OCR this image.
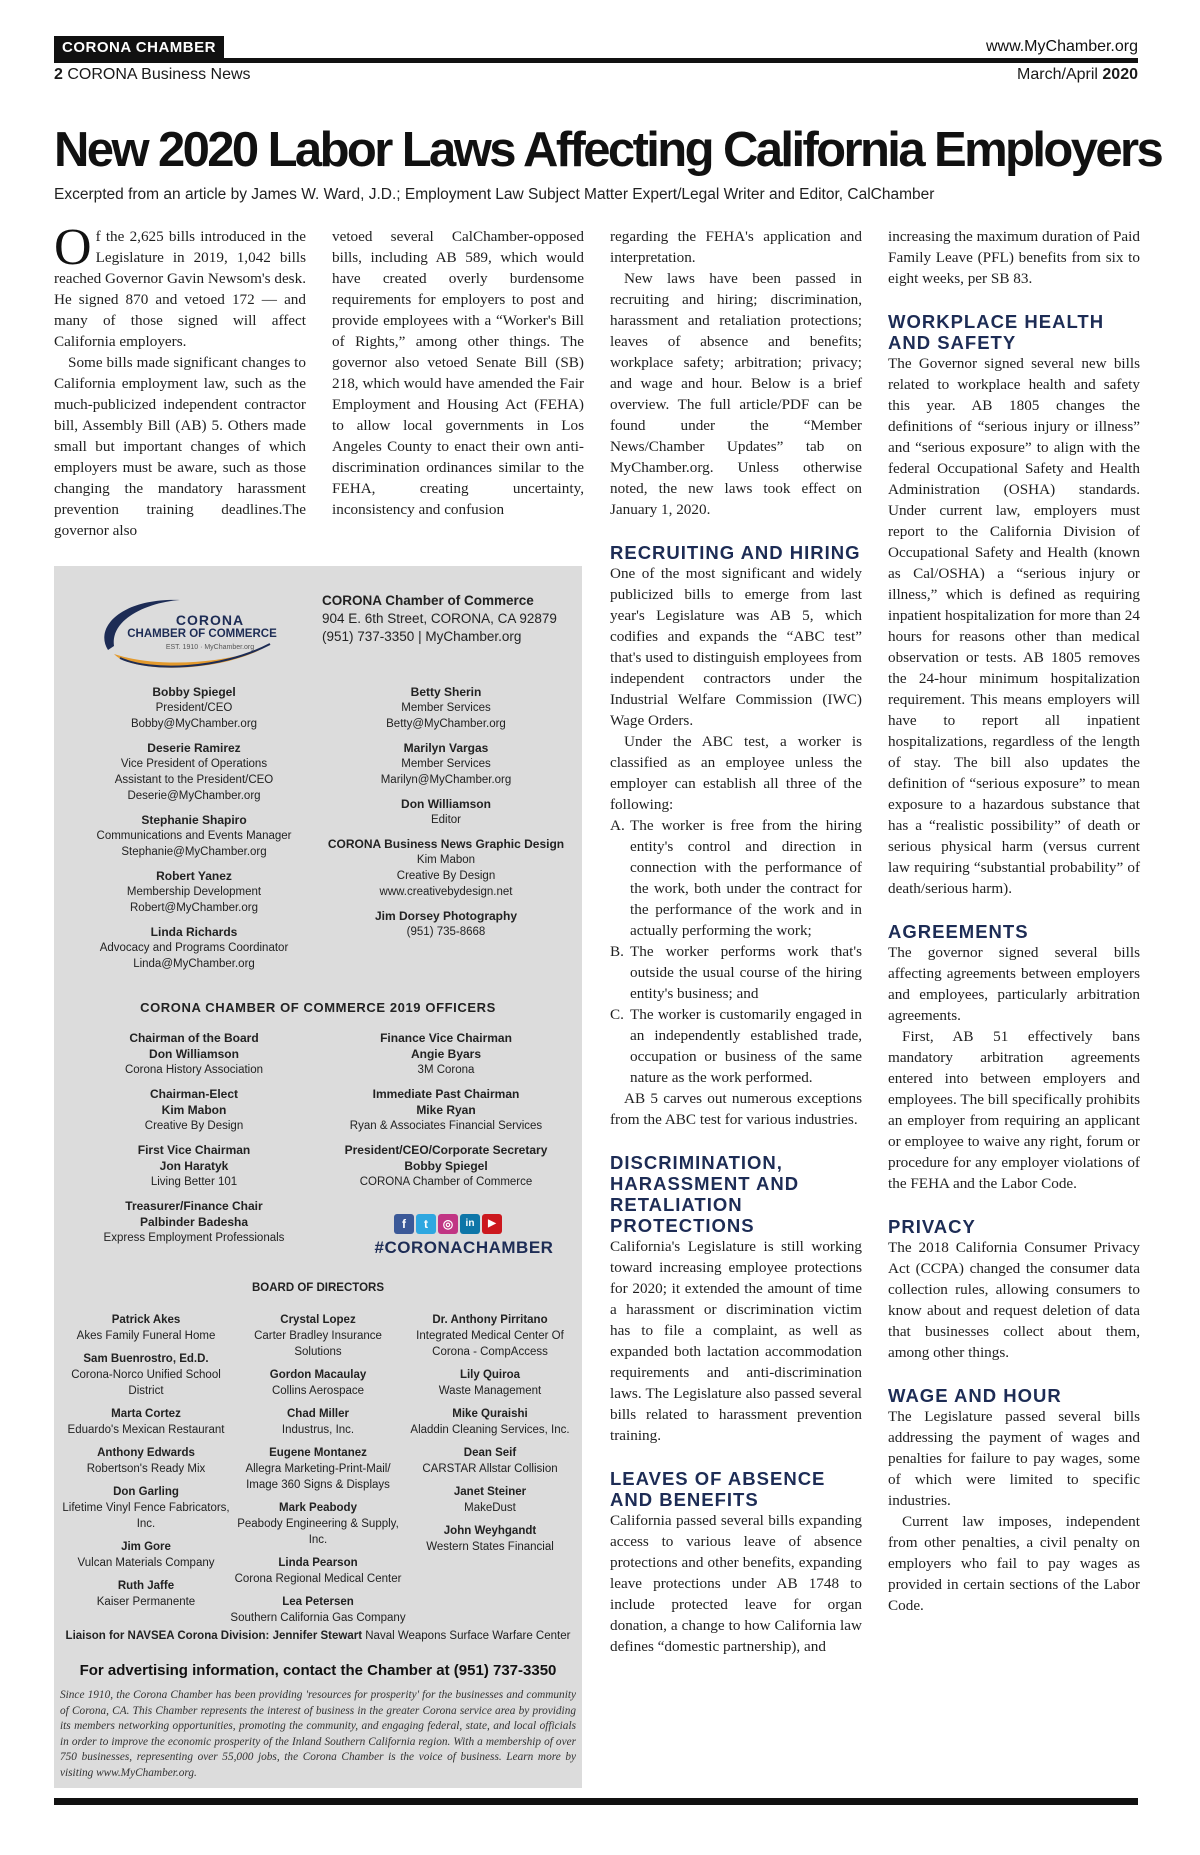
CORONA CHAMBER	www.MyChamber.org
2 CORONA Business News	March/April 2020
New 2020 Labor Laws Affecting California Employers
Excerpted from an article by James W. Ward, J.D.; Employment Law Subject Matter Expert/Legal Writer and Editor, CalChamber

Of the 2,625 bills introduced in the Legislature in 2019, 1,042 bills reached Governor Gavin Newsom's desk. He signed 870 and vetoed 172 — and many of those signed will affect California employers.

Some bills made significant changes to California employment law, such as the much-publicized independent contractor bill, Assembly Bill (AB) 5. Others made small but important changes of which employers must be aware, such as those changing the mandatory harassment prevention training deadlines.The governor also

vetoed several CalChamber-opposed bills, including AB 589, which would have created overly burdensome requirements for employers to post and provide employees with a “Worker's Bill of Rights,” among other things. The governor also vetoed Senate Bill (SB) 218, which would have amended the Fair Employment and Housing Act (FEHA) to allow local governments in Los Angeles County to enact their own anti-discrimination ordinances similar to the FEHA, creating uncertainty, inconsistency and confusion

regarding the FEHA's application and interpretation.

New laws have been passed in recruiting and hiring; discrimination, harassment and retaliation protections; leaves of absence and benefits; workplace safety; arbitration; privacy; and wage and hour. Below is a brief overview. The full article/PDF can be found under the “Member News/Chamber Updates” tab on MyChamber.org. Unless otherwise noted, the new laws took effect on January 1, 2020.

RECRUITING AND HIRING

One of the most significant and widely publicized bills to emerge from last year's Legislature was AB 5, which codifies and expands the “ABC test” that's used to distinguish employees from independent contractors under the Industrial Welfare Commission (IWC) Wage Orders.

Under the ABC test, a worker is classified as an employee unless the employer can establish all three of the following:

A. The worker is free from the hiring entity's control and direction in connection with the performance of the work, both under the contract for the performance of the work and in actually performing the work;
B. The worker performs work that's outside the usual course of the hiring entity's business; and
C. The worker is customarily engaged in an independently established trade, occupation or business of the same nature as the work performed.

AB 5 carves out numerous exceptions from the ABC test for various industries.

DISCRIMINATION, HARASSMENT AND RETALIATION PROTECTIONS

California's Legislature is still working toward increasing employee protections for 2020; it extended the amount of time a harassment or discrimination victim has to file a complaint, as well as expanded both lactation accommodation requirements and anti-discrimination laws. The Legislature also passed several bills related to harassment prevention training.

LEAVES OF ABSENCE AND BENEFITS

California passed several bills expanding access to various leave of absence protections and other benefits, expanding leave protections under AB 1748 to include protected leave for organ donation, a change to how California law defines “domestic partnership), and

increasing the maximum duration of Paid Family Leave (PFL) benefits from six to eight weeks, per SB 83.

WORKPLACE HEALTH AND SAFETY

The Governor signed several new bills related to workplace health and safety this year. AB 1805 changes the definitions of “serious injury or illness” and “serious exposure” to align with the federal Occupational Safety and Health Administration (OSHA) standards. Under current law, employers must report to the California Division of Occupational Safety and Health (known as Cal/OSHA) a “serious injury or illness,” which is defined as requiring inpatient hospitalization for more than 24 hours for reasons other than medical observation or tests. AB 1805 removes the 24-hour minimum hospitalization requirement. This means employers will have to report all inpatient hospitalizations, regardless of the length of stay. The bill also updates the definition of “serious exposure” to mean exposure to a hazardous substance that has a “realistic possibility” of death or serious physical harm (versus current law requiring “substantial probability” of death/serious harm).

AGREEMENTS

The governor signed several bills affecting agreements between employers and employees, particularly arbitration agreements.

First, AB 51 effectively bans mandatory arbitration agreements entered into between employers and employees. The bill specifically prohibits an employer from requiring an applicant or employee to waive any right, forum or procedure for any employer violations of the FEHA and the Labor Code.

PRIVACY

The 2018 California Consumer Privacy Act (CCPA) changed the consumer data collection rules, allowing consumers to know about and request deletion of data that businesses collect about them, among other things.

WAGE AND HOUR

The Legislature passed several bills addressing the payment of wages and penalties for failure to pay wages, some of which were limited to specific industries.

Current law imposes, independent from other penalties, a civil penalty on employers who fail to pay wages as provided in certain sections of the Labor Code.

CORONA
CHAMBER OF COMMERCE
EST. 1910 · MyChamber.org
CORONA Chamber of Commerce
904 E. 6th Street, CORONA, CA 92879
(951) 737-3350 | MyChamber.org
Bobby Spiegel
President/CEO
Bobby@MyChamber.org
Deserie Ramirez
Vice President of Operations
Assistant to the President/CEO
Deserie@MyChamber.org
Stephanie Shapiro
Communications and Events Manager
Stephanie@MyChamber.org
Robert Yanez
Membership Development
Robert@MyChamber.org
Linda Richards
Advocacy and Programs Coordinator
Linda@MyChamber.org
Betty Sherin
Member Services
Betty@MyChamber.org
Marilyn Vargas
Member Services
Marilyn@MyChamber.org
Don Williamson
Editor
CORONA Business News Graphic Design
Kim Mabon
Creative By Design
www.creativebydesign.net
Jim Dorsey Photography
(951) 735-8668
CORONA CHAMBER OF COMMERCE 2019 OFFICERS
Chairman of the Board
Don Williamson
Corona History Association
Chairman-Elect
Kim Mabon
Creative By Design
First Vice Chairman
Jon Haratyk
Living Better 101
Treasurer/Finance Chair
Palbinder Badesha
Express Employment Professionals
Finance Vice Chairman
Angie Byars
3M Corona
Immediate Past Chairman
Mike Ryan
Ryan & Associates Financial Services
President/CEO/Corporate Secretary
Bobby Spiegel
CORONA Chamber of Commerce
f	t	◎	in	▶
#CORONACHAMBER
BOARD OF DIRECTORS
Patrick Akes
Akes Family Funeral Home
Sam Buenrostro, Ed.D.
Corona-Norco Unified School District
Marta Cortez
Eduardo's Mexican Restaurant
Anthony Edwards
Robertson's Ready Mix
Don Garling
Lifetime Vinyl Fence Fabricators, Inc.
Jim Gore
Vulcan Materials Company
Ruth Jaffe
Kaiser Permanente
Crystal Lopez
Carter Bradley Insurance Solutions
Gordon Macaulay
Collins Aerospace
Chad Miller
Industrus, Inc.
Eugene Montanez
Allegra Marketing-Print-Mail/ Image 360 Signs & Displays
Mark Peabody
Peabody Engineering & Supply, Inc.
Linda Pearson
Corona Regional Medical Center
Lea Petersen
Southern California Gas Company
Dr. Anthony Pirritano
Integrated Medical Center Of Corona - CompAccess
Lily Quiroa
Waste Management
Mike Quraishi
Aladdin Cleaning Services, Inc.
Dean Seif
CARSTAR Allstar Collision
Janet Steiner
MakeDust
John Weyhgandt
Western States Financial
Liaison for NAVSEA Corona Division: Jennifer Stewart Naval Weapons Surface Warfare Center
For advertising information, contact the Chamber at (951) 737-3350
Since 1910, the Corona Chamber has been providing 'resources for prosperity' for the businesses and community of Corona, CA. This Chamber represents the interest of business in the greater Corona service area by providing its members networking opportunities, promoting the community, and engaging federal, state, and local officials in order to improve the economic prosperity of the Inland Southern California region. With a membership of over 750 businesses, representing over 55,000 jobs, the Corona Chamber is the voice of business. Learn more by visiting www.MyChamber.org.
